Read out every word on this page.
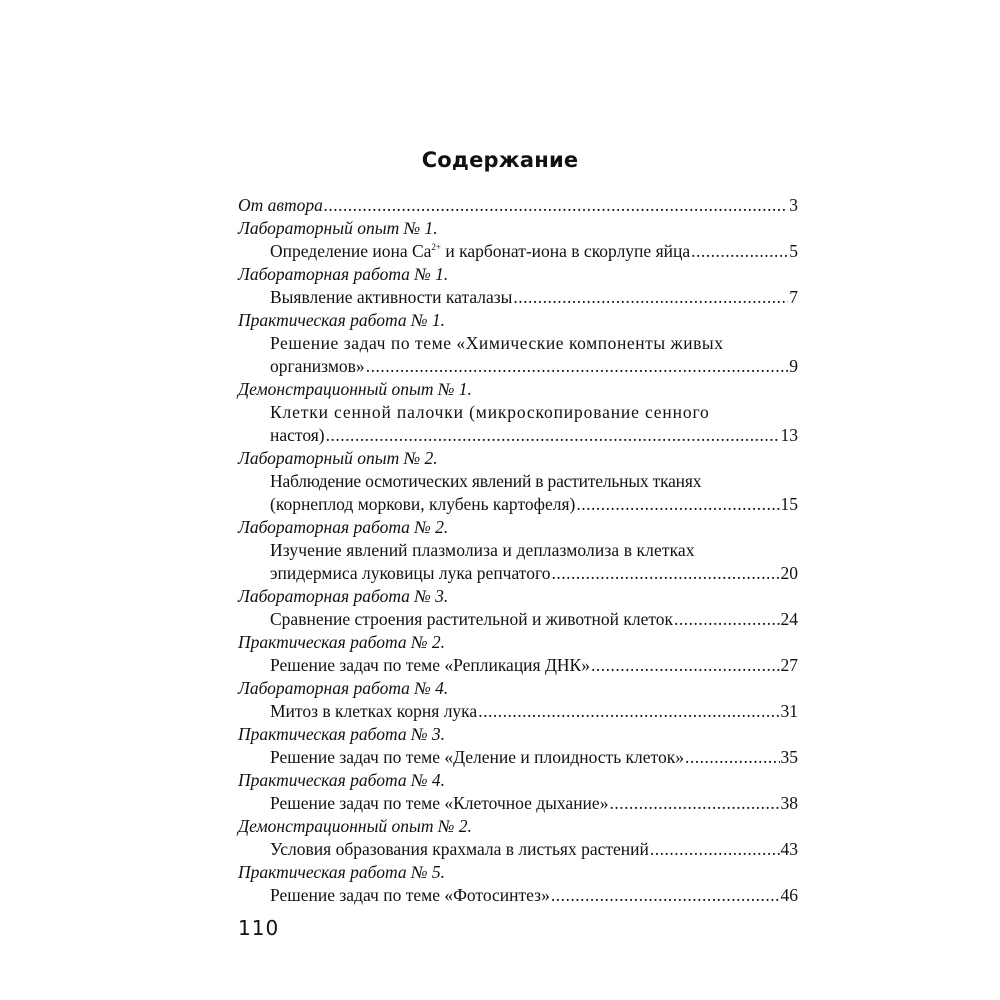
Содержание
От автора .....	3
Лабораторный опыт № 1.
Определение иона $Ca^{2+}$ и карбонат-иона в скорлупе яйца .....	5
Лабораторная работа № 1.
Выявление активности каталазы .....	7
Практическая работа № 1.
Решение задач по теме «Химические компоненты живых
организмов» .....	9
Демонстрационный опыт № 1.
Клетки сенной палочки (микроскопирование сенного
настоя) .....	13
Лабораторный опыт № 2.
Наблюдение осмотических явлений в растительных тканях
(корнеплод моркови, клубень картофеля) .....	15
Лабораторная работа № 2.
Изучение явлений плазмолиза и деплазмолиза в клетках
эпидермиса луковицы лука репчатого .....	20
Лабораторная работа № 3.
Сравнение строения растительной и животной клеток .....	24
Практическая работа № 2.
Решение задач по теме «Репликация ДНК» .....	27
Лабораторная работа № 4.
Митоз в клетках корня лука .....	31
Практическая работа № 3.
Решение задач по теме «Деление и плоидность клеток» .....	35
Практическая работа № 4.
Решение задач по теме «Клеточное дыхание» .....	38
Демонстрационный опыт № 2.
Условия образования крахмала в листьях растений .....	43
Практическая работа № 5.
Решение задач по теме «Фотосинтез» .....	46
110
